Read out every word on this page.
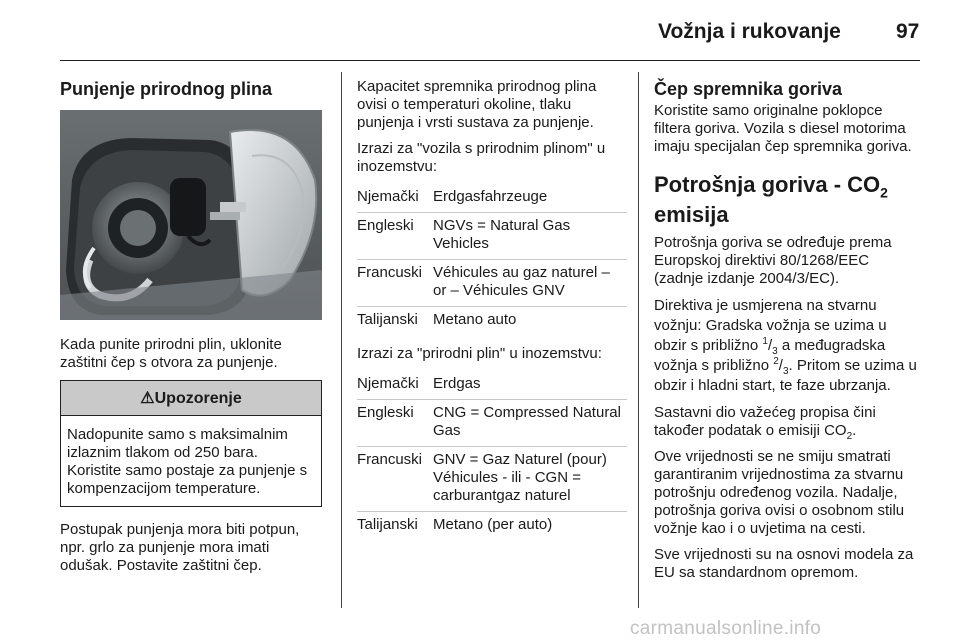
Vožnja i rukovanje	97
Punjenje prirodnog plina

Kada punite prirodni plin, uklonite zaštitni čep s otvora za punjenje.

⚠Upozorenje

Nadopunite samo s maksimalnim izlaznim tlakom od 250 bara. Koristite samo postaje za punjenje s kompenzacijom temperature.

Postupak punjenja mora biti potpun, npr. grlo za punjenje mora imati odušak. Postavite zaštitni čep.

Kapacitet spremnika prirodnog plina ovisi o temperaturi okoline, tlaku punjenja i vrsti sustava za punjenje.

Izrazi za "vozila s prirodnim plinom" u inozemstvu:

Njemački	Erdgasfahrzeuge
Engleski	NGVs = Natural Gas Vehicles
Francuski	Véhicules au gaz naturel – or – Véhicules GNV
Talijanski	Metano auto

Izrazi za "prirodni plin" u inozemstvu:

Njemački	Erdgas
Engleski	CNG = Compressed Natural Gas
Francuski	GNV = Gaz Naturel (pour) Véhicules - ili - CGN = carburantgaz naturel
Talijanski	Metano (per auto)
Čep spremnika goriva

Koristite samo originalne poklopce filtera goriva. Vozila s diesel motorima imaju specijalan čep spremnika goriva.

Potrošnja goriva - $CO_2$
emisija

Potrošnja goriva se određuje prema Europskoj direktivi 80/1268/EEC (zadnje izdanje 2004/3/EC).

Direktiva je usmjerena na stvarnu vožnju: Gradska vožnja se uzima u obzir s približno $^1/_3$ a međugradska vožnja s približno $^2/_3$. Pritom se uzima u obzir i hladni start, te faze ubrzanja.

Sastavni dio važećeg propisa čini također podatak o emisiji $CO_2$.

Ove vrijednosti se ne smiju smatrati garantiranim vrijednostima za stvarnu potrošnju određenog vozila. Nadalje, potrošnja goriva ovisi o osobnom stilu vožnje kao i o uvjetima na cesti.

Sve vrijednosti su na osnovi modela za EU sa standardnom opremom.

carmanualsonline.info
